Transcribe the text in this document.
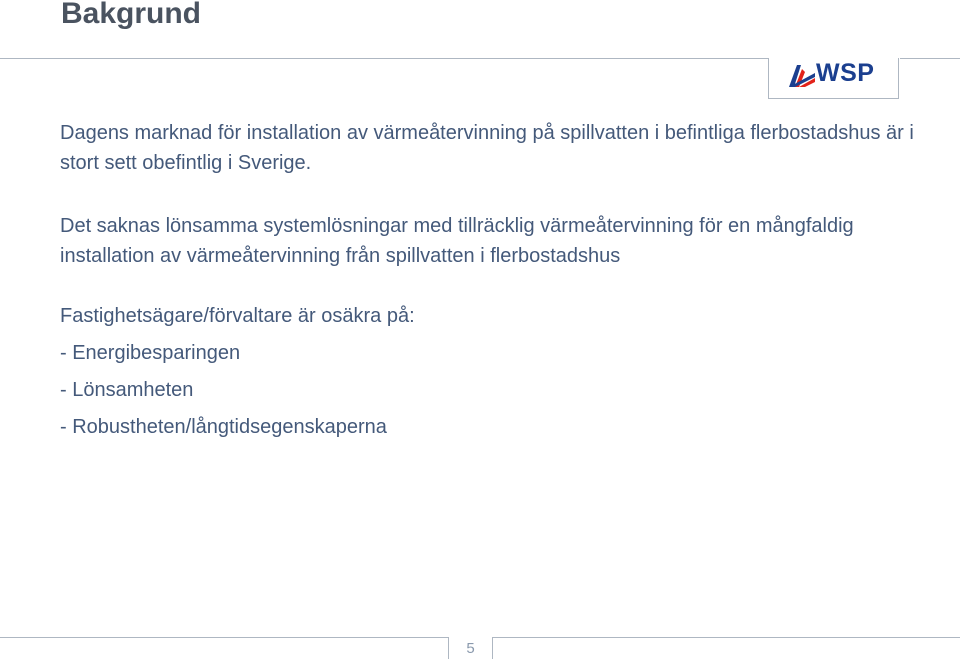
Bakgrund
WSP

Dagens marknad för installation av värmeåtervinning på spillvatten i befintliga flerbostadshus är i stort sett obefintlig i Sverige.

Det saknas lönsamma systemlösningar med tillräcklig värmeåtervinning för en mångfaldig installation av värmeåtervinning från spillvatten i flerbostadshus

Fastighetsägare/förvaltare är osäkra på:

- Energibesparingen
- Lönsamheten
- Robustheten/långtidsegenskaperna
5
